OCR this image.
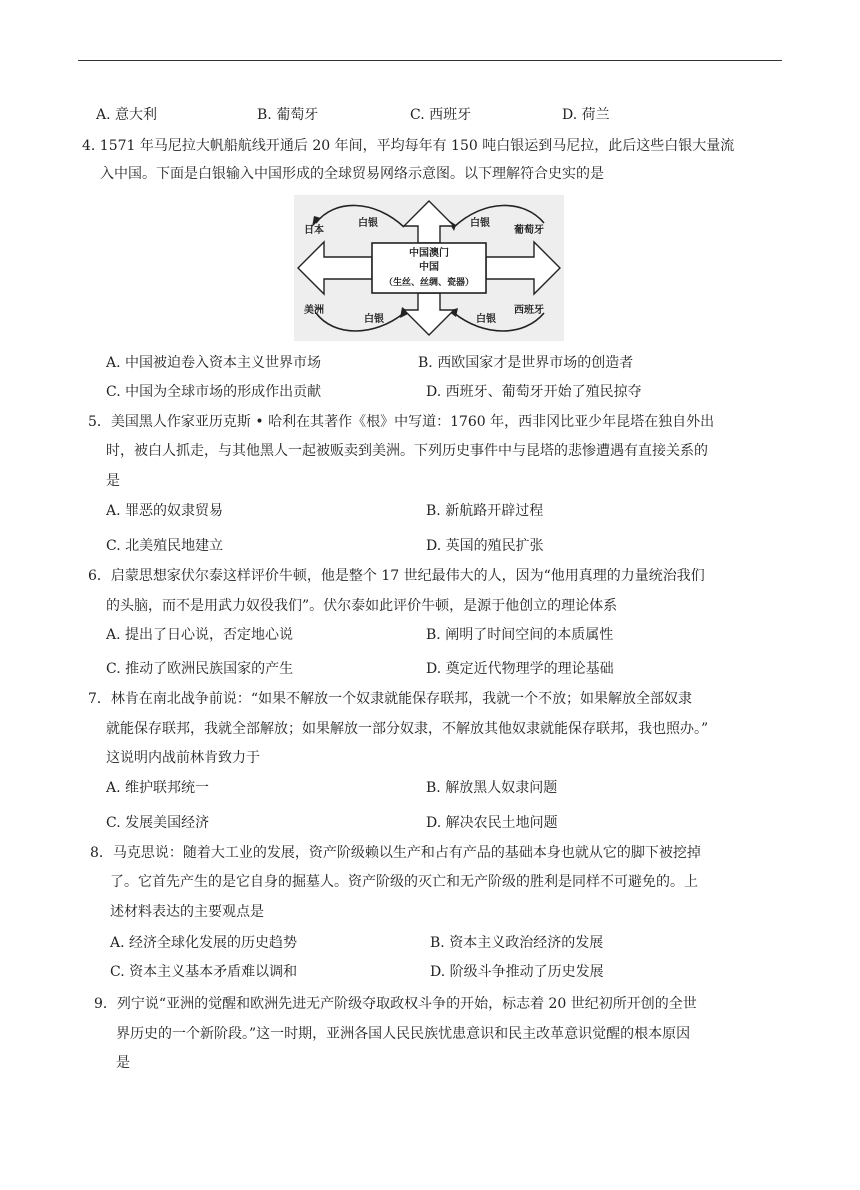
A. 意大利	B. 葡萄牙	C. 西班牙	D. 荷兰
4. 1571 年马尼拉大帆船航线开通后 20 年间，平均每年有 150 吨白银运到马尼拉，此后这些白银大量流
入中国。下面是白银输入中国形成的全球贸易网络示意图。以下理解符合史实的是
中国澳门
中国
（生丝、丝绸、瓷器）
日本	葡萄牙
美洲	西班牙
白银	白银
白银	白银
A. 中国被迫卷入资本主义世界市场	B. 西欧国家才是世界市场的创造者
C. 中国为全球市场的形成作出贡献	D. 西班牙、葡萄牙开始了殖民掠夺
5．美国黑人作家亚历克斯 • 哈利在其著作《根》中写道：1760 年，西非冈比亚少年昆塔在独自外出
时，被白人抓走，与其他黑人一起被贩卖到美洲。下列历史事件中与昆塔的悲惨遭遇有直接关系的
是
A. 罪恶的奴隶贸易	B. 新航路开辟过程
C. 北美殖民地建立	D. 英国的殖民扩张
6．启蒙思想家伏尔泰这样评价牛顿，他是整个 17 世纪最伟大的人，因为“他用真理的力量统治我们
的头脑，而不是用武力奴役我们”。伏尔泰如此评价牛顿，是源于他创立的理论体系
A. 提出了日心说，否定地心说	B. 阐明了时间空间的本质属性
C. 推动了欧洲民族国家的产生	D. 奠定近代物理学的理论基础
7．林肯在南北战争前说：“如果不解放一个奴隶就能保存联邦，我就一个不放；如果解放全部奴隶
就能保存联邦，我就全部解放；如果解放一部分奴隶，不解放其他奴隶就能保存联邦，我也照办。”
这说明内战前林肯致力于
A. 维护联邦统一	B. 解放黑人奴隶问题
C. 发展美国经济	D. 解决农民土地问题
8．马克思说：随着大工业的发展，资产阶级赖以生产和占有产品的基础本身也就从它的脚下被挖掉
了。它首先产生的是它自身的掘墓人。资产阶级的灭亡和无产阶级的胜利是同样不可避免的。上
述材料表达的主要观点是
A. 经济全球化发展的历史趋势	B. 资本主义政治经济的发展
C. 资本主义基本矛盾难以调和	D. 阶级斗争推动了历史发展
9．列宁说“亚洲的觉醒和欧洲先进无产阶级夺取政权斗争的开始，标志着 20 世纪初所开创的全世
界历史的一个新阶段。”这一时期，亚洲各国人民民族忧患意识和民主改革意识觉醒的根本原因
是
